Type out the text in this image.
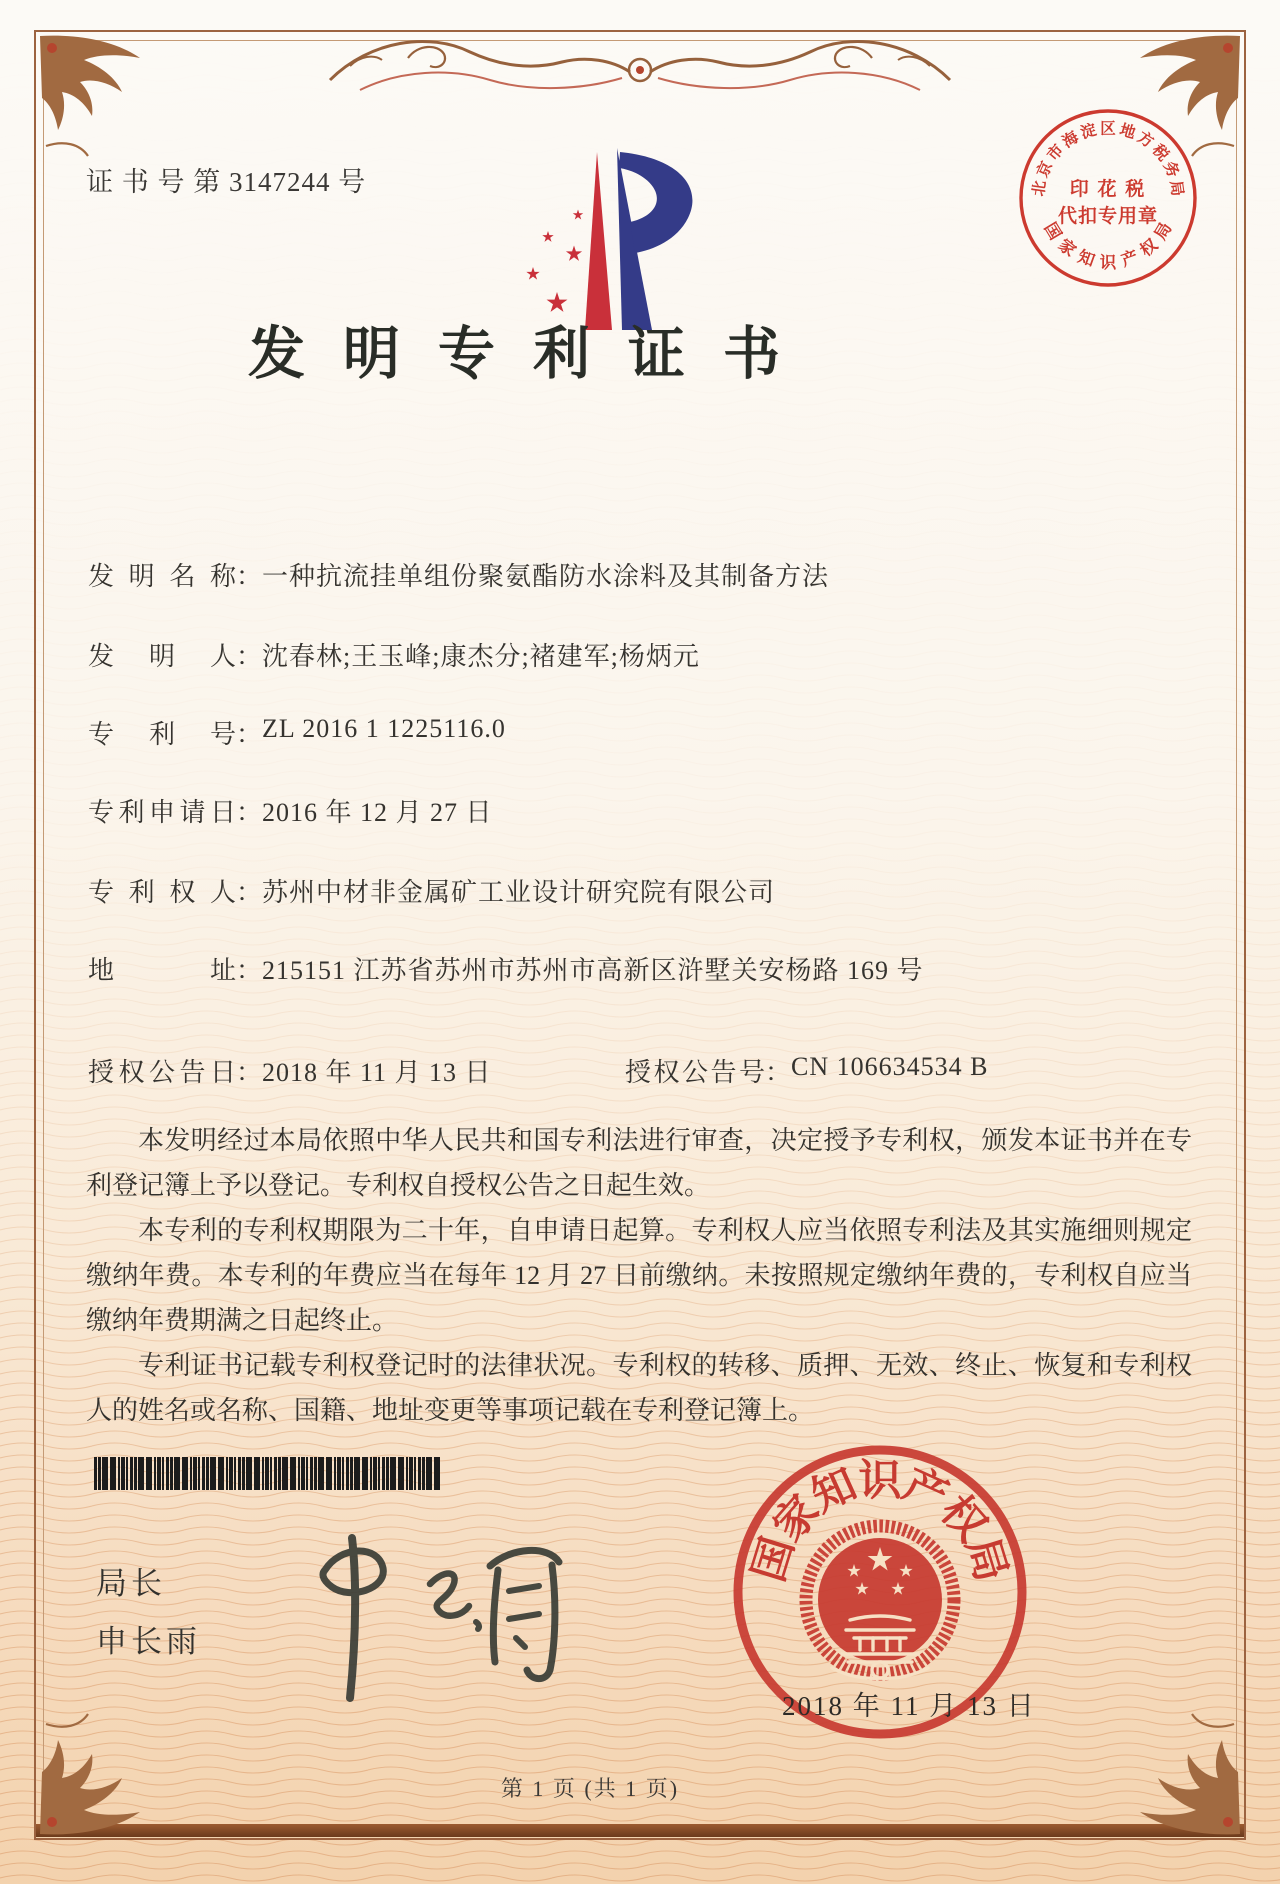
证 书 号 第 3147244 号	北
京
市
海
淀 区 地
方
税
务
局
国
家
知 识 产
权
局
印 花 税
代扣专用章
发明专利证书
发明名称：一种抗流挂单组份聚氨酯防水涂料及其制备方法
发明人：沈春林;王玉峰;康杰分;褚建军;杨炳元
专利号：ZL 2016 1 1225116.0
专利申请日：2016 年 12 月 27 日
专利权人：苏州中材非金属矿工业设计研究院有限公司
地址：215151 江苏省苏州市苏州市高新区浒墅关安杨路 169 号
授权公告日：2018 年 11 月 13 日	授权公告号：CN 106634534 B

本发明经过本局依照中华人民共和国专利法进行审查，决定授予专利权，颁发本证书并在专利登记簿上予以登记。专利权自授权公告之日起生效。

本专利的专利权期限为二十年，自申请日起算。专利权人应当依照专利法及其实施细则规定缴纳年费。本专利的年费应当在每年 12 月 27 日前缴纳。未按照规定缴纳年费的，专利权自应当缴纳年费期满之日起终止。

专利证书记载专利权登记时的法律状况。专利权的转移、质押、无效、终止、恢复和专利权人的姓名或名称、国籍、地址变更等事项记载在专利登记簿上。

局长
申长雨
国
家
知
识
产
权
局
2018 年 11 月 13 日
第 1 页 (共 1 页)
